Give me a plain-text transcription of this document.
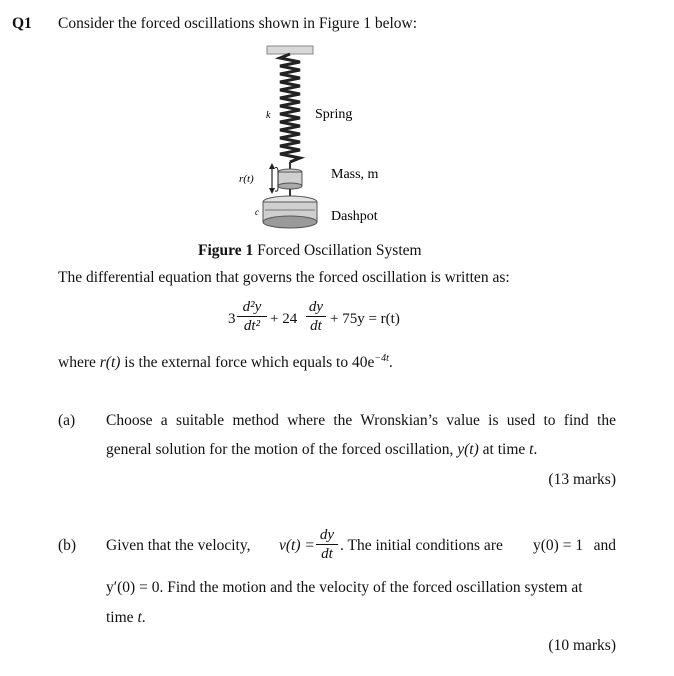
Q1 Consider the forced oscillations shown in Figure 1 below:
k	Spring
r(t)	Mass, m
c	Dashpot
Figure 1 Forced Oscillation System
The differential equation that governs the forced oscillation is written as:
3
d²y
dt² + 24
dy
dt + 75y = r(t)
where r(t) is the external force which equals to $40e^{-4t}$.
(a) Choose a suitable method where the Wronskian’s value is used to find the
general solution for the motion of the forced oscillation, y(t) at time t.
(13 marks)
(b) Given that the velocity, v(t) =
dy
dt . The initial conditions are y(0) = 1 and
y′(0) = 0. Find the motion and the velocity of the forced oscillation system at
time t.
(10 marks)
